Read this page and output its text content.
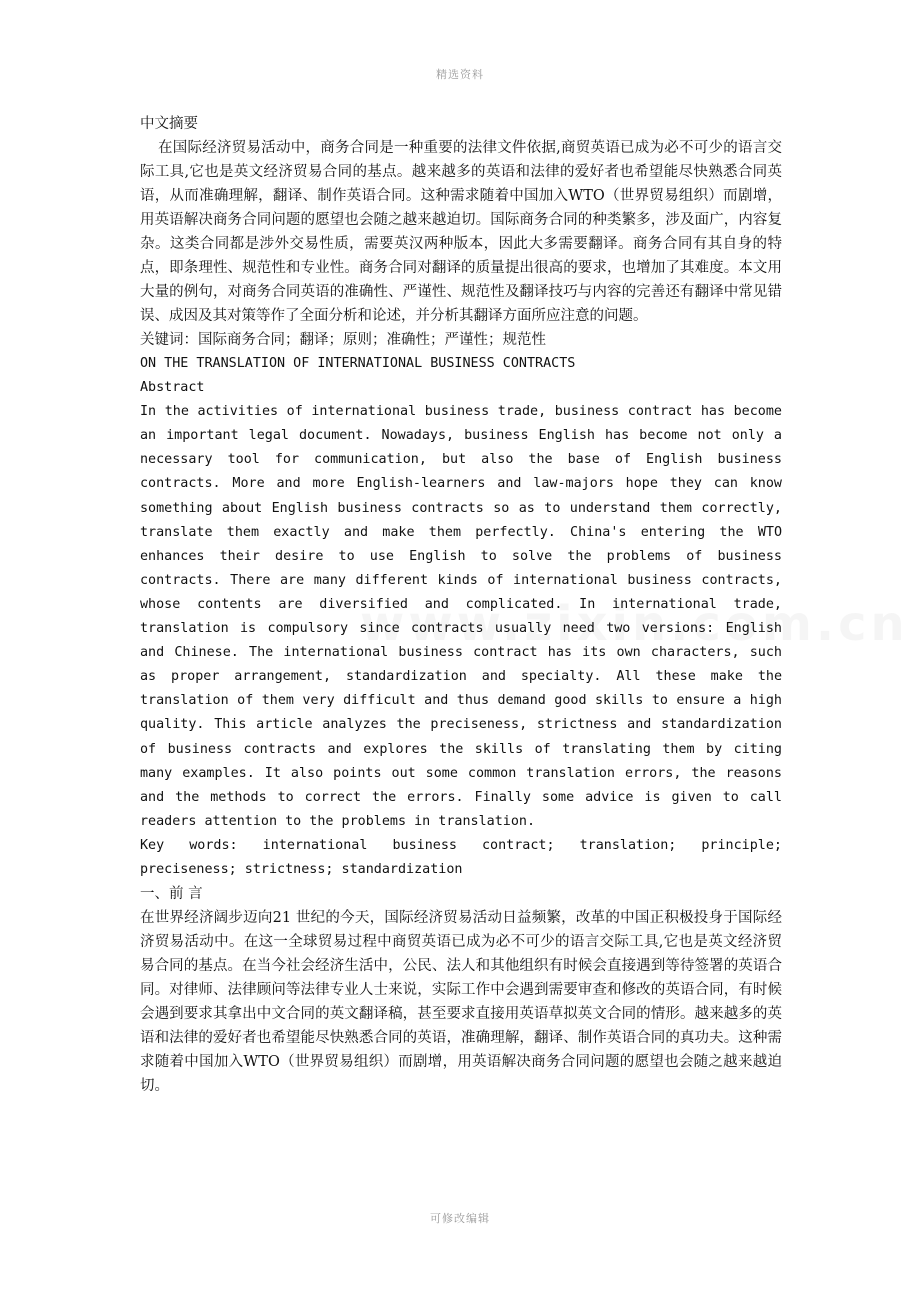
精选资料

中文摘要

在国际经济贸易活动中，商务合同是一种重要的法律文件依据,商贸英语已成为必不可少的语言交际工具,它也是英文经济贸易合同的基点。越来越多的英语和法律的爱好者也希望能尽快熟悉合同英语，从而准确理解，翻译、制作英语合同。这种需求随着中国加入WTO（世界贸易组织）而剧增，用英语解决商务合同问题的愿望也会随之越来越迫切。国际商务合同的种类繁多，涉及面广，内容复杂。这类合同都是涉外交易性质，需要英汉两种版本，因此大多需要翻译。商务合同有其自身的特点，即条理性、规范性和专业性。商务合同对翻译的质量提出很高的要求，也增加了其难度。本文用大量的例句，对商务合同英语的准确性、严谨性、规范性及翻译技巧与内容的完善还有翻译中常见错误、成因及其对策等作了全面分析和论述，并分析其翻译方面所应注意的问题。

关键词：国际商务合同；翻译；原则；准确性；严谨性；规范性

ON THE TRANSLATION OF INTERNATIONAL BUSINESS CONTRACTS

Abstract

In the activities of international business trade, business contract has become an important legal document. Nowadays, business English has become not only a necessary tool for communication, but also the base of English business contracts. More and more English-learners and law-majors hope they can know something about English business contracts so as to understand them correctly, translate them exactly and make them perfectly. China's entering the WTO enhances their desire to use English to solve the problems of business contracts. There are many different kinds of international business contracts, whose contents are diversified and complicated. In international trade, translation is compulsory since contracts usually need two versions: English and Chinese. The international business contract has its own characters, such as proper arrangement, standardization and specialty. All these make the translation of them very difficult and thus demand good skills to ensure a high quality. This article analyzes the preciseness, strictness and standardization of business contracts and explores the skills of translating them by citing many examples. It also points out some common translation errors, the reasons and the methods to correct the errors. Finally some advice is given to call readers attention to the problems in translation.

Key words: international business contract; translation; principle; preciseness; strictness; standardization

一、前 言

在世界经济阔步迈向21 世纪的今天，国际经济贸易活动日益频繁，改革的中国正积极投身于国际经济贸易活动中。在这一全球贸易过程中商贸英语已成为必不可少的语言交际工具,它也是英文经济贸易合同的基点。在当今社会经济生活中，公民、法人和其他组织有时候会直接遇到等待签署的英语合同。对律师、法律顾问等法律专业人士来说，实际工作中会遇到需要审查和修改的英语合同，有时候会遇到要求其拿出中文合同的英文翻译稿，甚至要求直接用英语草拟英文合同的情形。越来越多的英语和法律的爱好者也希望能尽快熟悉合同的英语，准确理解，翻译、制作英语合同的真功夫。这种需求随着中国加入WTO（世界贸易组织）而剧增，用英语解决商务合同问题的愿望也会随之越来越迫切。

可修改编辑
